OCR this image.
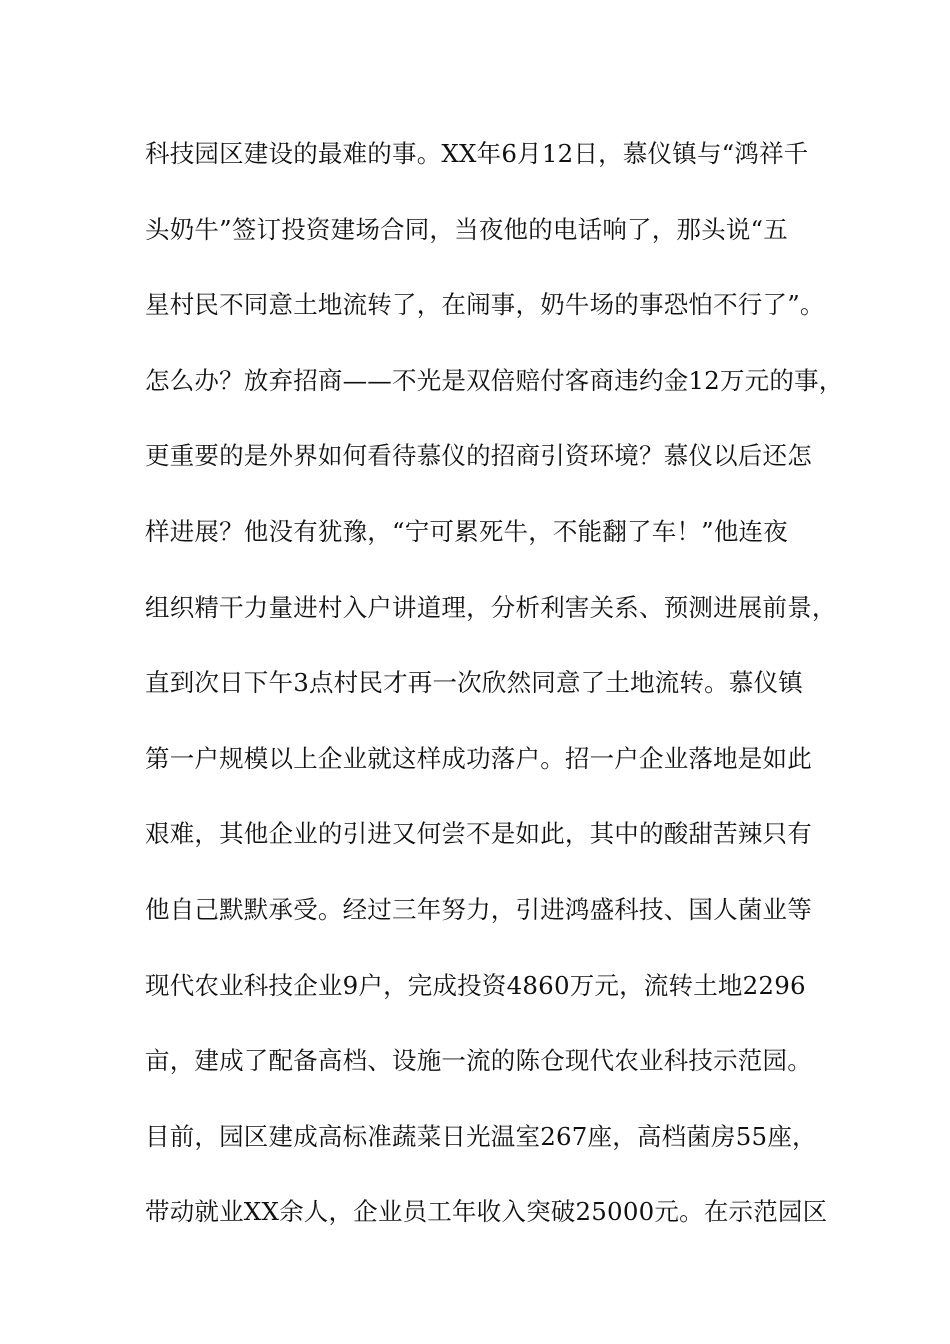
科技园区建设的最难的事。XX年6月12日，慕仪镇与“鸿祥千
头奶牛”签订投资建场合同，当夜他的电话响了，那头说“五
星村民不同意土地流转了，在闹事，奶牛场的事恐怕不行了”。
怎么办？放弃招商——不光是双倍赔付客商违约金12万元的事，
更重要的是外界如何看待慕仪的招商引资环境？慕仪以后还怎
样进展？他没有犹豫，“宁可累死牛，不能翻了车！”他连夜
组织精干力量进村入户讲道理，分析利害关系、预测进展前景，
直到次日下午3点村民才再一次欣然同意了土地流转。慕仪镇
第一户规模以上企业就这样成功落户。招一户企业落地是如此
艰难，其他企业的引进又何尝不是如此，其中的酸甜苦辣只有
他自己默默承受。经过三年努力，引进鸿盛科技、国人菌业等
现代农业科技企业9户，完成投资4860万元，流转土地2296
亩，建成了配备高档、设施一流的陈仓现代农业科技示范园。
目前，园区建成高标准蔬菜日光温室267座，高档菌房55座，
带动就业XX余人，企业员工年收入突破25000元。在示范园区
